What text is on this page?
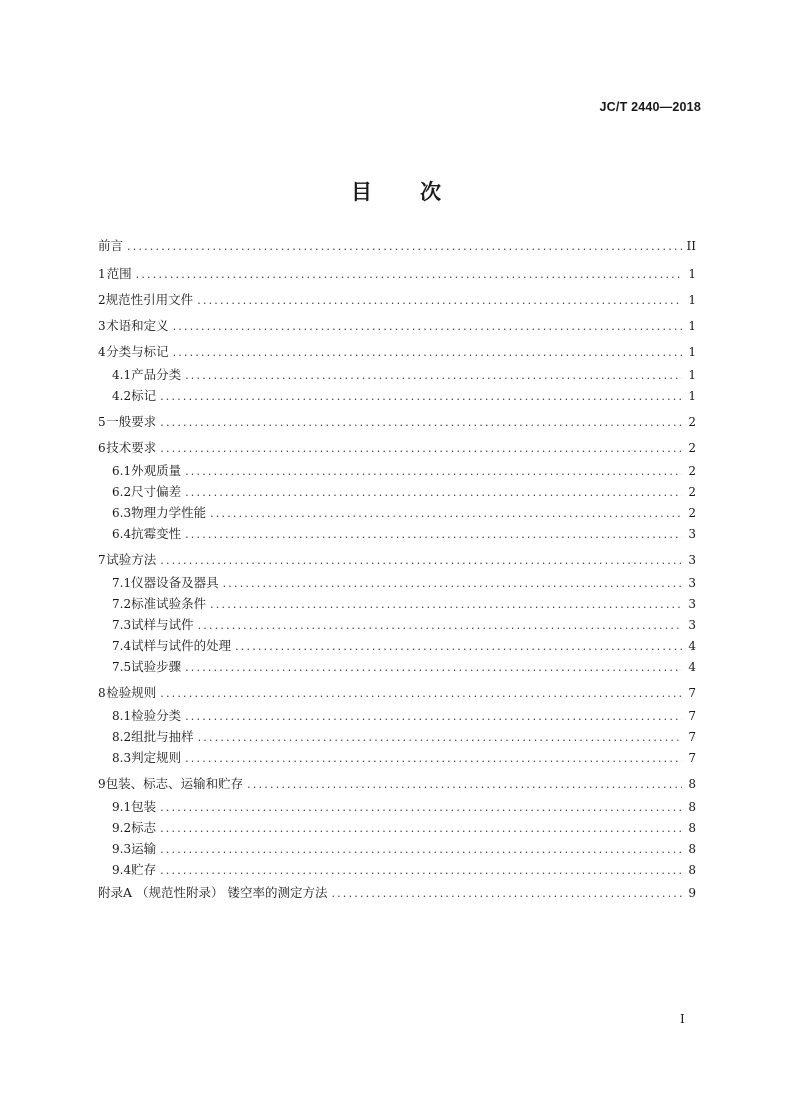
JC/T 2440—2018
目 次
前言 .....	II
1 范围 .....	1
2 规范性引用文件 .....	1
3 术语和定义 .....	1
4 分类与标记 .....	1
4.1 产品分类 .....	1
4.2 标记 .....	1
5 一般要求 .....	2
6 技术要求 .....	2
6.1 外观质量 .....	2
6.2 尺寸偏差 .....	2
6.3 物理力学性能 .....	2
6.4 抗霉变性 .....	3
7 试验方法 .....	3
7.1 仪器设备及器具 .....	3
7.2 标准试验条件 .....	3
7.3 试样与试件 .....	3
7.4 试样与试件的处理 .....	4
7.5 试验步骤 .....	4
8 检验规则 .....	7
8.1 检验分类 .....	7
8.2 组批与抽样 .....	7
8.3 判定规则 .....	7
9 包装、标志、运输和贮存 .....	8
9.1 包装 .....	8
9.2 标志 .....	8
9.3 运输 .....	8
9.4 贮存 .....	8
附录A （规范性附录） 镂空率的测定方法 .....	9
I
